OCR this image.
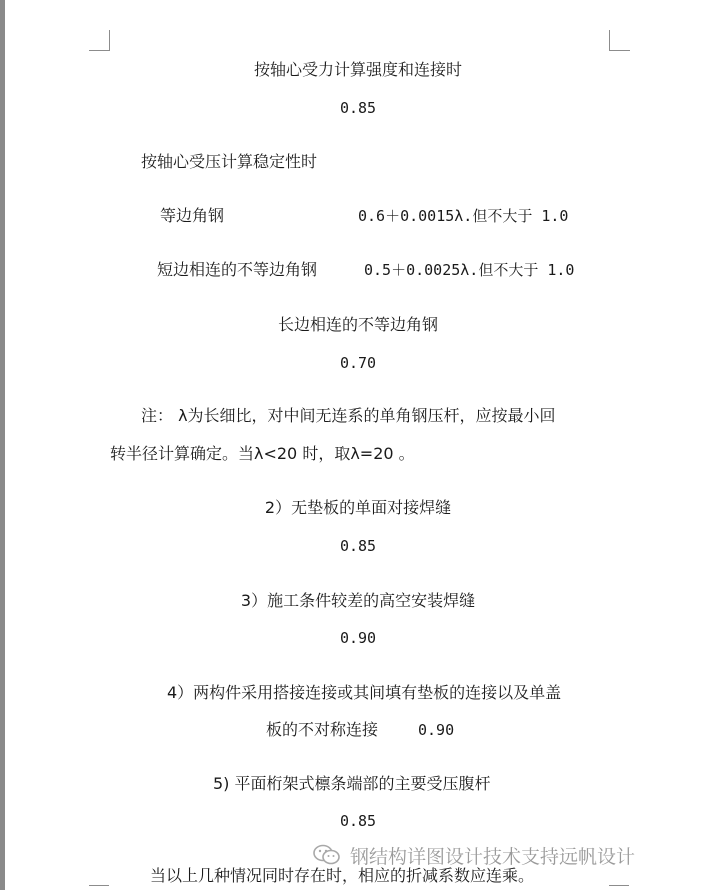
按轴心受力计算强度和连接时
0.85
按轴心受压计算稳定性时
等边角钢	0.6＋0.0015λ.但不大于 1.0
短边相连的不等边角钢	0.5＋0.0025λ.但不大于 1.0
长边相连的不等边角钢
0.70
注： λ为长细比，对中间无连系的单角钢压杆，应按最小回
转半径计算确定。当λ<20 时，取λ=20 。
2）无垫板的单面对接焊缝
0.85
3）施工条件较差的高空安装焊缝
0.90
4）两构件采用搭接连接或其间填有垫板的连接以及单盖
板的不对称连接	0.90
5) 平面桁架式檩条端部的主要受压腹杆
0.85
当以上几种情况同时存在时，相应的折减系数应连乘。
钢结构详图设计技术支持远帆设计
